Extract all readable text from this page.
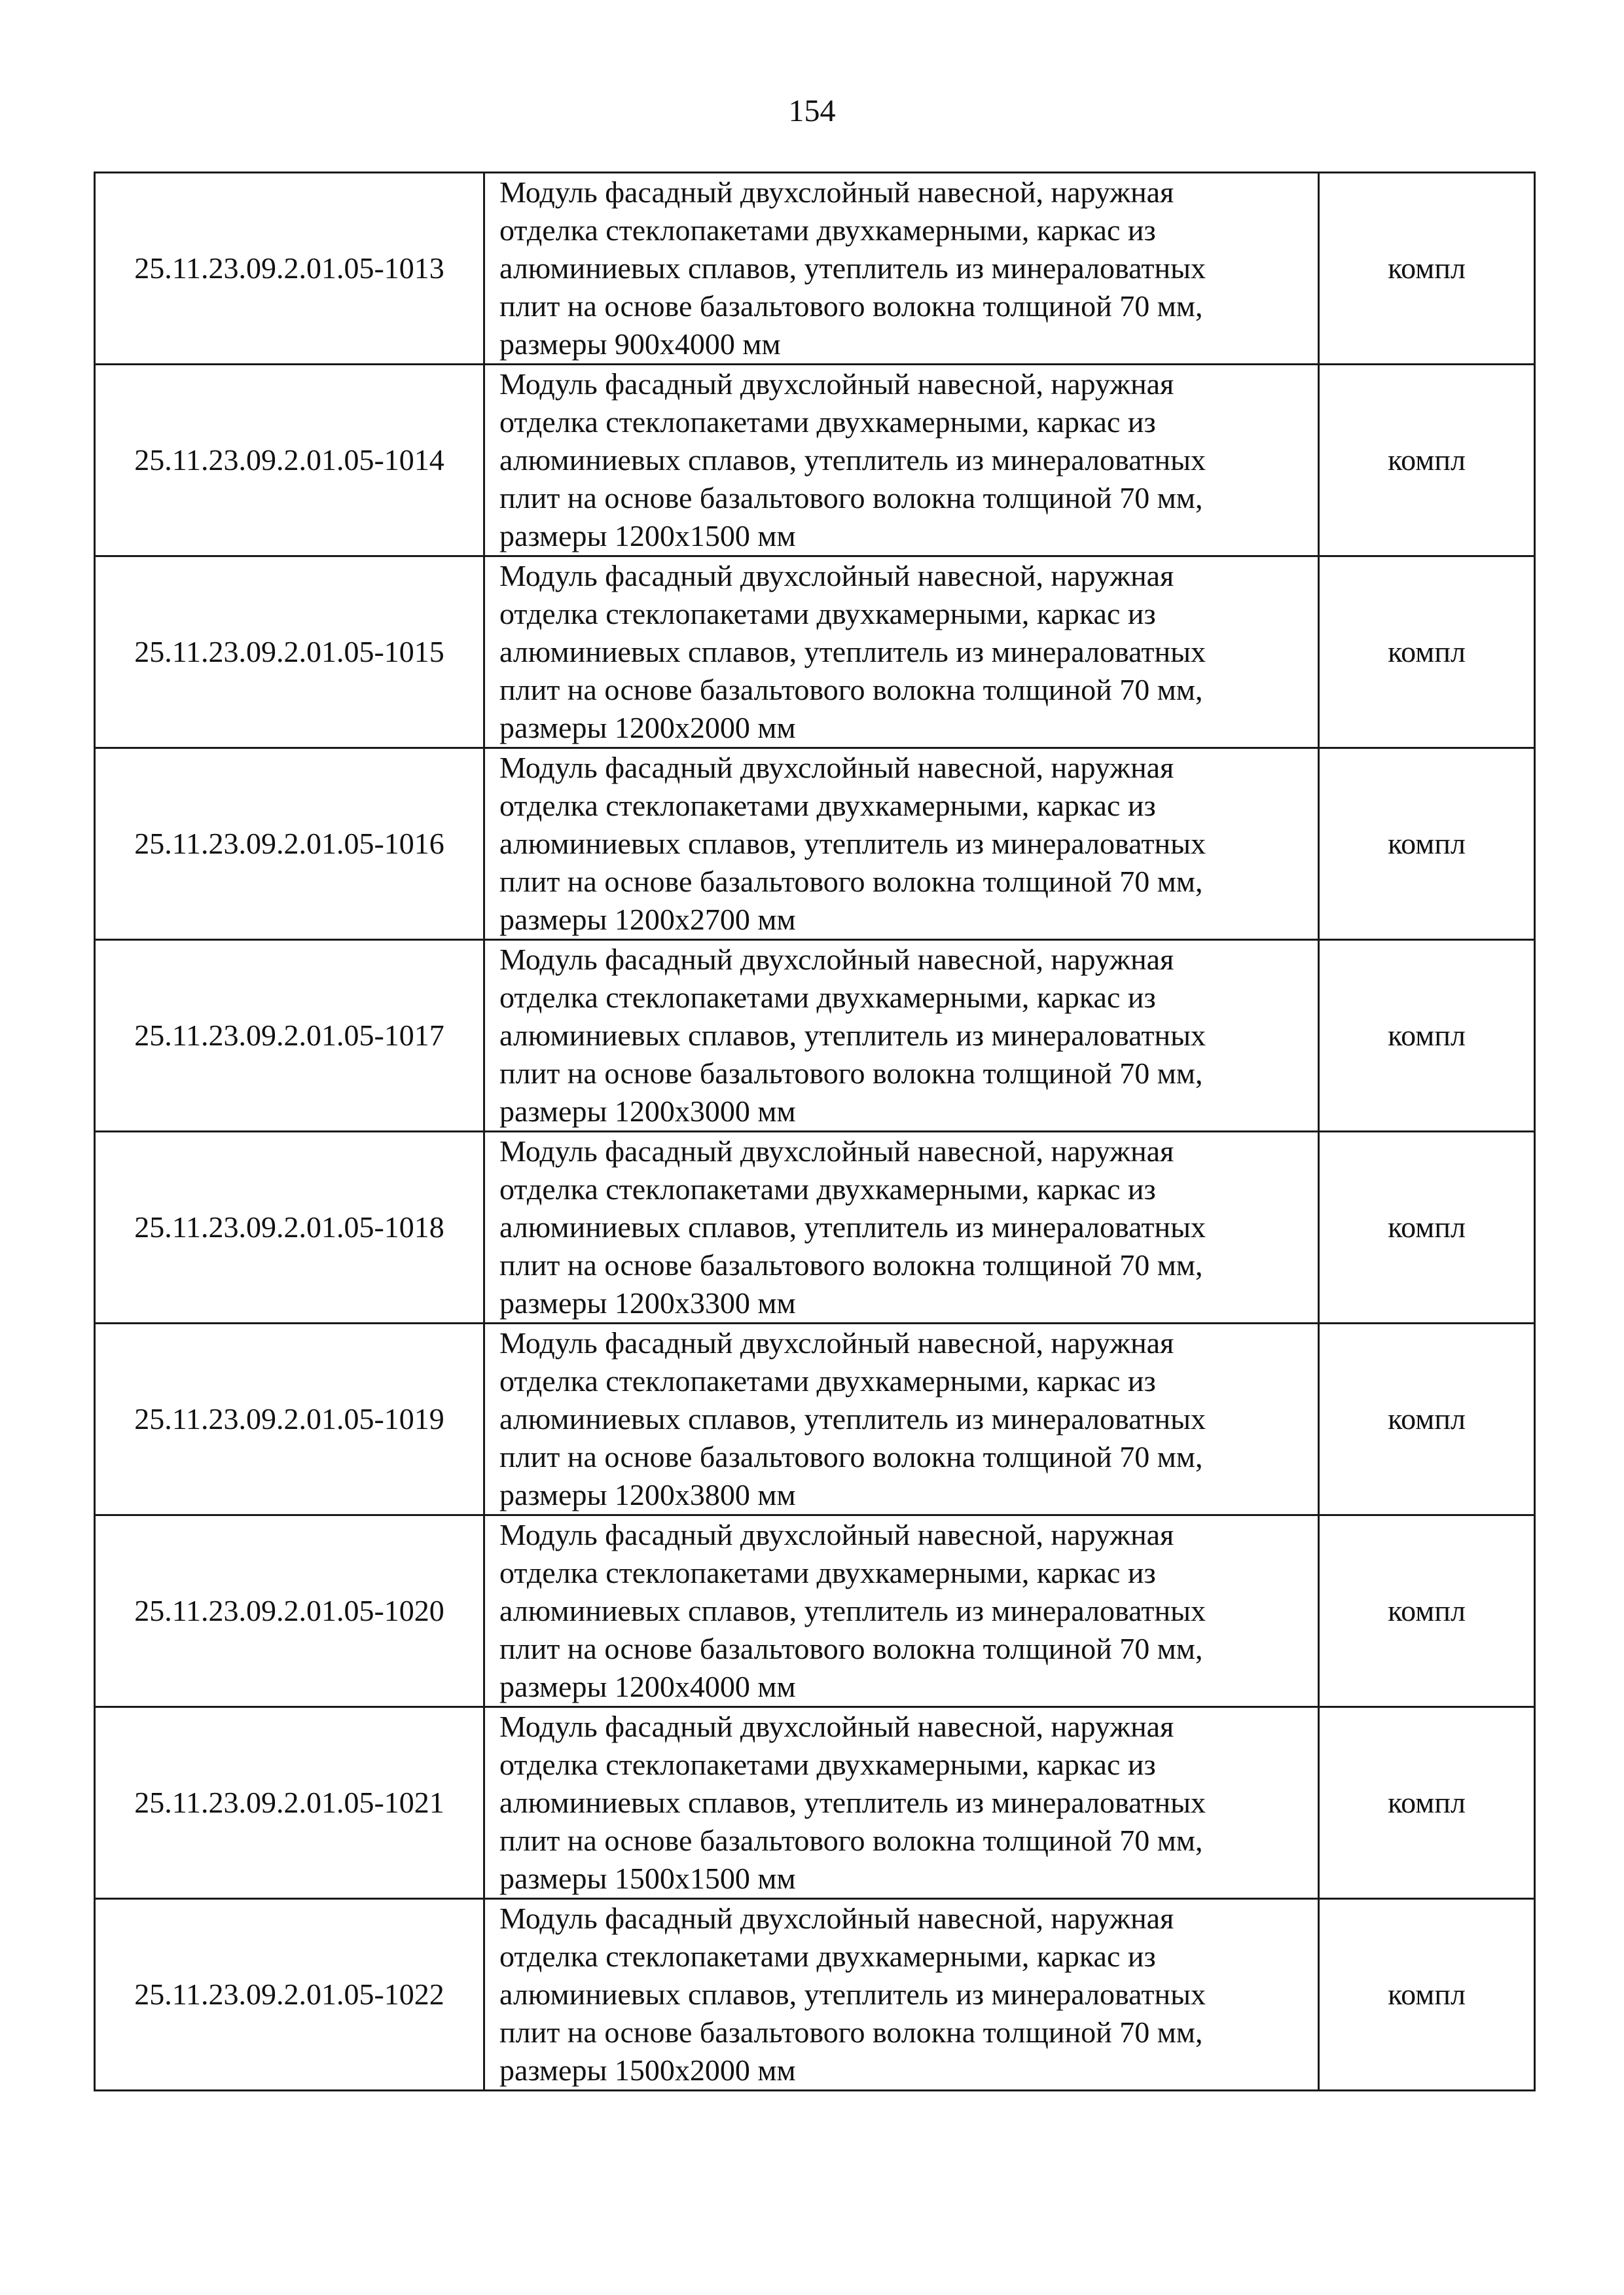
154
25.11.23.09.2.01.05-1013	Модуль фасадный двухслойный навесной, наружная
отделка стеклопакетами двухкамерными, каркас из
алюминиевых сплавов, утеплитель из минераловатных
плит на основе базальтового волокна толщиной 70 мм,
размеры 900х4000 мм	компл
25.11.23.09.2.01.05-1014	Модуль фасадный двухслойный навесной, наружная
отделка стеклопакетами двухкамерными, каркас из
алюминиевых сплавов, утеплитель из минераловатных
плит на основе базальтового волокна толщиной 70 мм,
размеры 1200х1500 мм	компл
25.11.23.09.2.01.05-1015	Модуль фасадный двухслойный навесной, наружная
отделка стеклопакетами двухкамерными, каркас из
алюминиевых сплавов, утеплитель из минераловатных
плит на основе базальтового волокна толщиной 70 мм,
размеры 1200х2000 мм	компл
25.11.23.09.2.01.05-1016	Модуль фасадный двухслойный навесной, наружная
отделка стеклопакетами двухкамерными, каркас из
алюминиевых сплавов, утеплитель из минераловатных
плит на основе базальтового волокна толщиной 70 мм,
размеры 1200х2700 мм	компл
25.11.23.09.2.01.05-1017	Модуль фасадный двухслойный навесной, наружная
отделка стеклопакетами двухкамерными, каркас из
алюминиевых сплавов, утеплитель из минераловатных
плит на основе базальтового волокна толщиной 70 мм,
размеры 1200х3000 мм	компл
25.11.23.09.2.01.05-1018	Модуль фасадный двухслойный навесной, наружная
отделка стеклопакетами двухкамерными, каркас из
алюминиевых сплавов, утеплитель из минераловатных
плит на основе базальтового волокна толщиной 70 мм,
размеры 1200х3300 мм	компл
25.11.23.09.2.01.05-1019	Модуль фасадный двухслойный навесной, наружная
отделка стеклопакетами двухкамерными, каркас из
алюминиевых сплавов, утеплитель из минераловатных
плит на основе базальтового волокна толщиной 70 мм,
размеры 1200х3800 мм	компл
25.11.23.09.2.01.05-1020	Модуль фасадный двухслойный навесной, наружная
отделка стеклопакетами двухкамерными, каркас из
алюминиевых сплавов, утеплитель из минераловатных
плит на основе базальтового волокна толщиной 70 мм,
размеры 1200х4000 мм	компл
25.11.23.09.2.01.05-1021	Модуль фасадный двухслойный навесной, наружная
отделка стеклопакетами двухкамерными, каркас из
алюминиевых сплавов, утеплитель из минераловатных
плит на основе базальтового волокна толщиной 70 мм,
размеры 1500х1500 мм	компл
25.11.23.09.2.01.05-1022	Модуль фасадный двухслойный навесной, наружная
отделка стеклопакетами двухкамерными, каркас из
алюминиевых сплавов, утеплитель из минераловатных
плит на основе базальтового волокна толщиной 70 мм,
размеры 1500х2000 мм	компл
